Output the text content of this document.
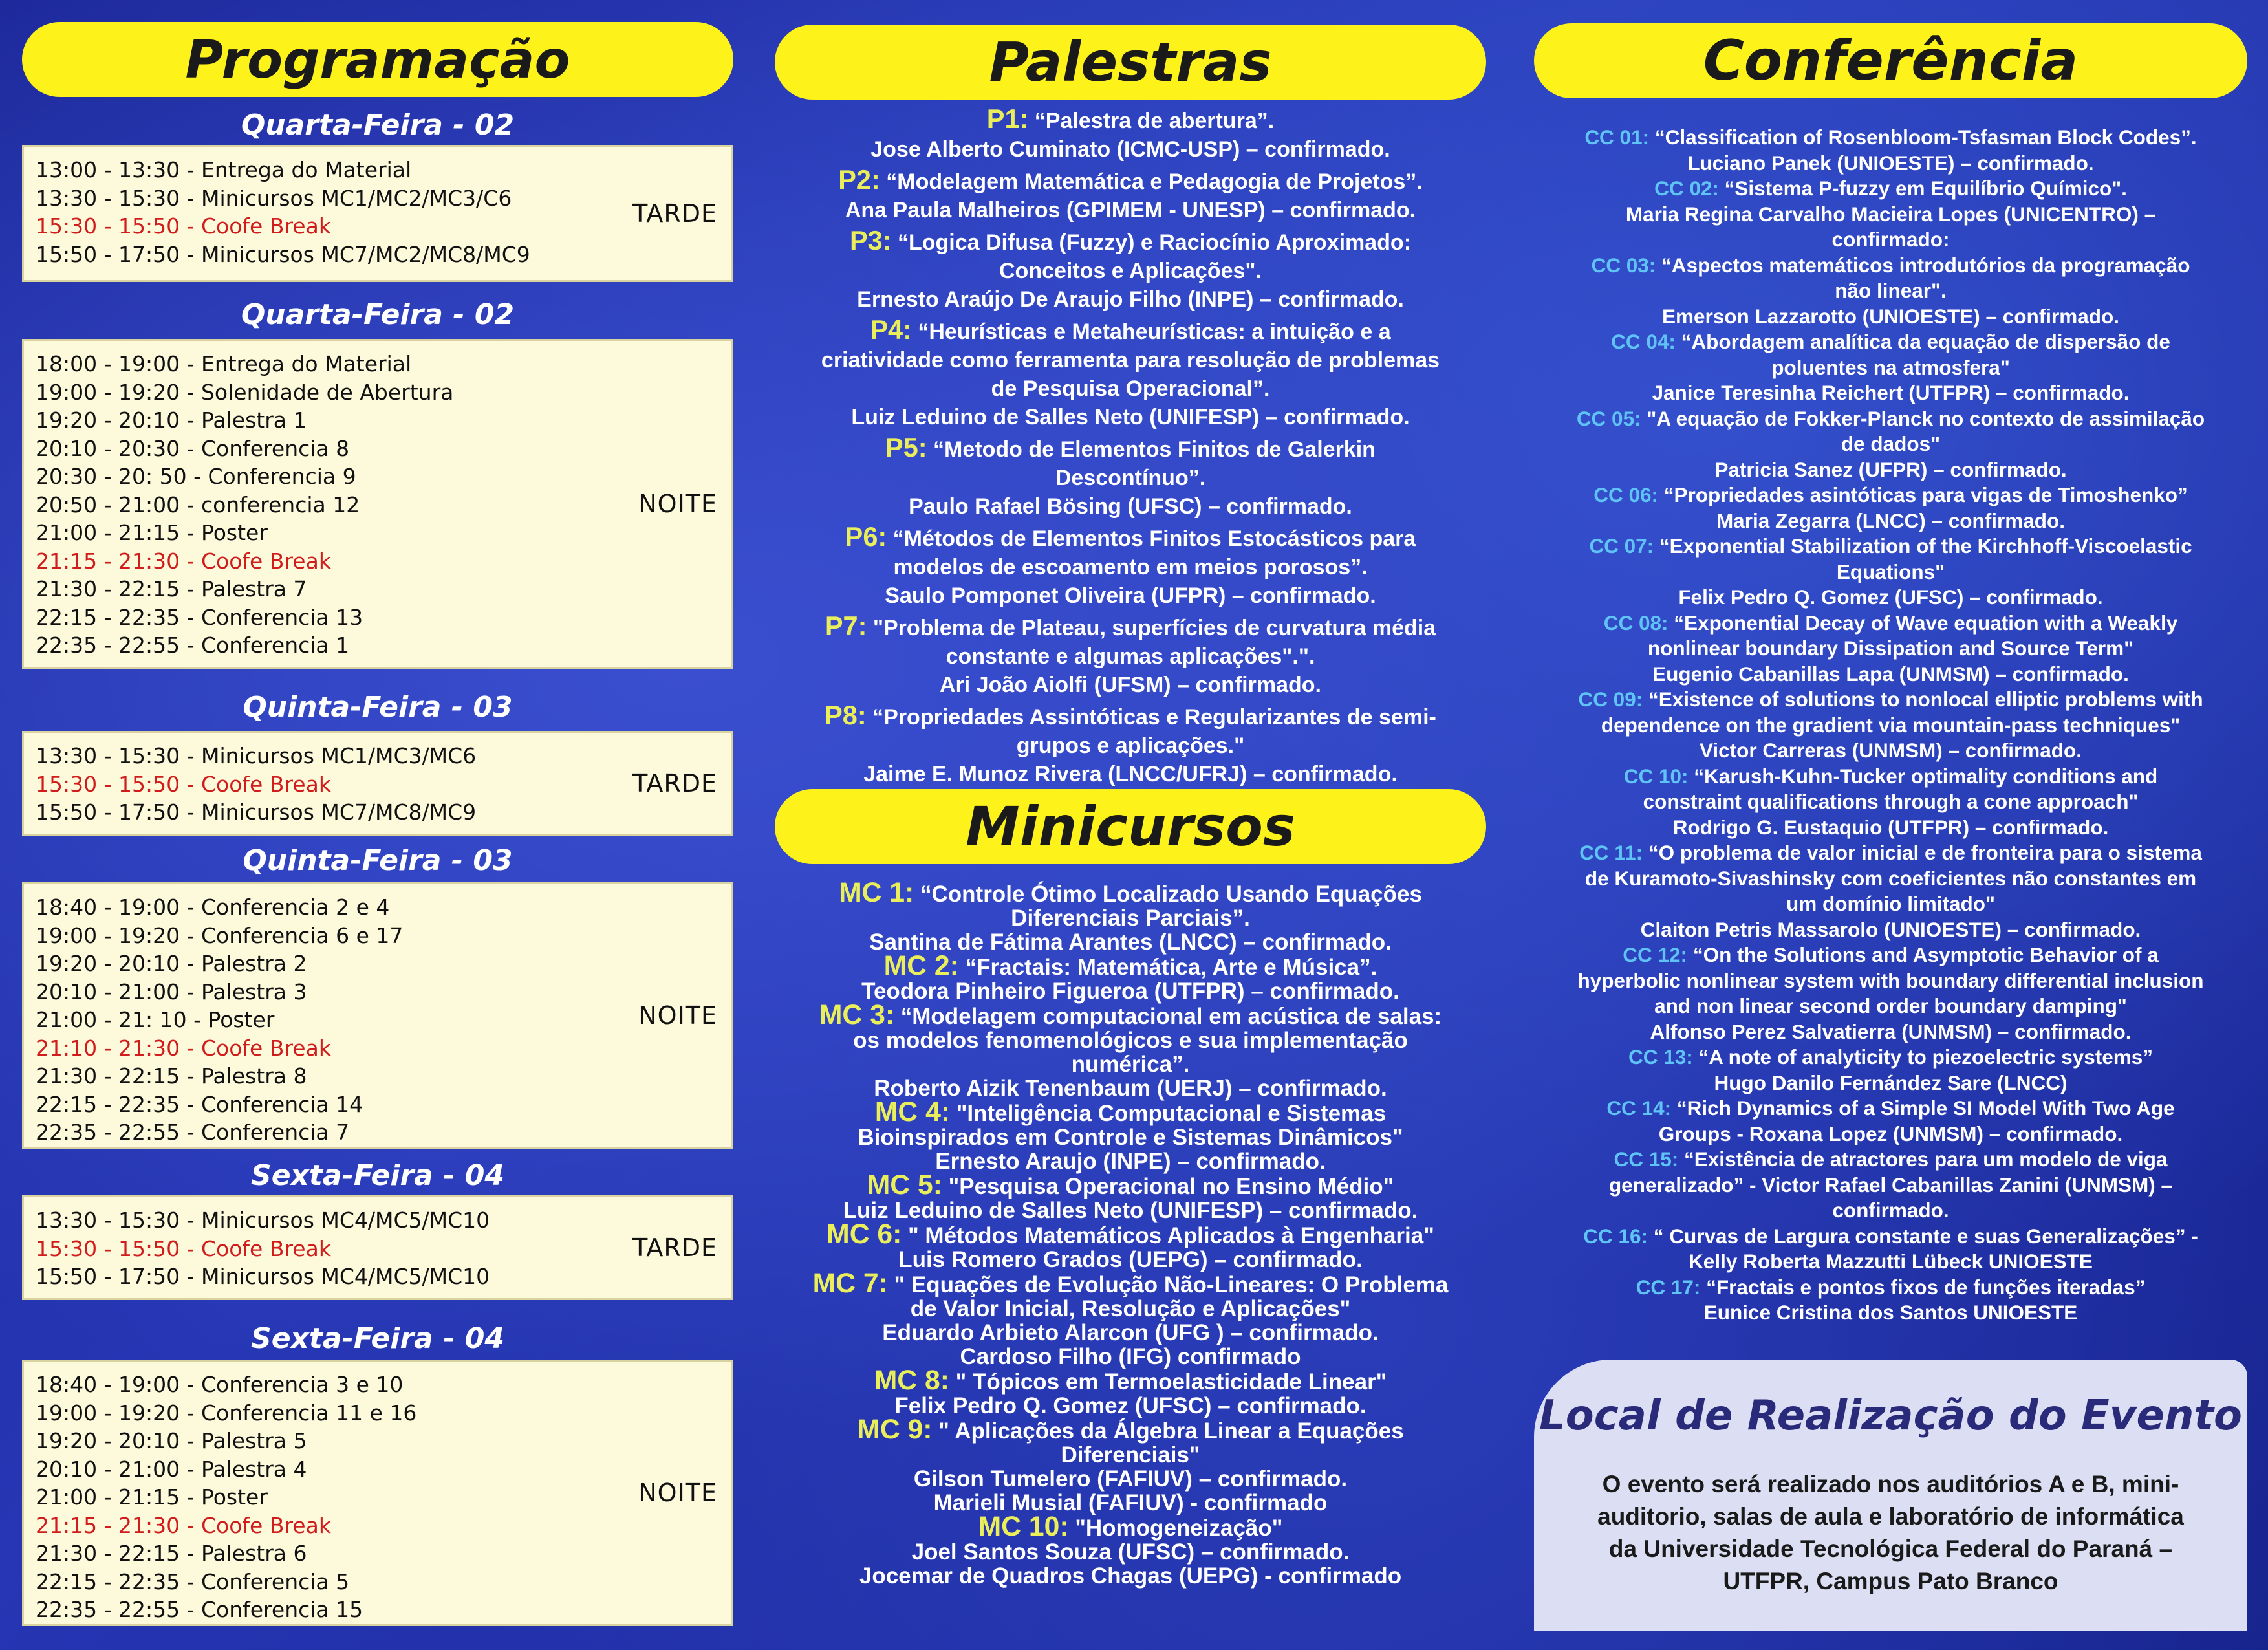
Programação
Quarta-Feira - 02
13:00 - 13:30 - Entrega do Material
13:30 - 15:30 - Minicursos MC1/MC2/MC3/C6
15:30 - 15:50 - Coofe Break
15:50 - 17:50 - Minicursos MC7/MC2/MC8/MC9
TARDE
Quarta-Feira - 02
18:00 - 19:00 - Entrega do Material
19:00 - 19:20 - Solenidade de Abertura
19:20 - 20:10 - Palestra 1
20:10 - 20:30 - Conferencia 8
20:30 - 20: 50 - Conferencia 9
20:50 - 21:00 - conferencia 12
21:00 - 21:15 - Poster
21:15 - 21:30 - Coofe Break
21:30 - 22:15 - Palestra 7
22:15 - 22:35 - Conferencia 13
22:35 - 22:55 - Conferencia 1
NOITE
Quinta-Feira - 03
13:30 - 15:30 - Minicursos MC1/MC3/MC6
15:30 - 15:50 - Coofe Break
15:50 - 17:50 - Minicursos MC7/MC8/MC9
TARDE
Quinta-Feira - 03
18:40 - 19:00 - Conferencia 2 e 4
19:00 - 19:20 - Conferencia 6 e 17
19:20 - 20:10 - Palestra 2
20:10 - 21:00 - Palestra 3
21:00 - 21: 10 - Poster
21:10 - 21:30 - Coofe Break
21:30 - 22:15 - Palestra 8
22:15 - 22:35 - Conferencia 14
22:35 - 22:55 - Conferencia 7
NOITE
Sexta-Feira - 04
13:30 - 15:30 - Minicursos MC4/MC5/MC10
15:30 - 15:50 - Coofe Break
15:50 - 17:50 - Minicursos MC4/MC5/MC10
TARDE
Sexta-Feira - 04
18:40 - 19:00 - Conferencia 3 e 10
19:00 - 19:20 - Conferencia 11 e 16
19:20 - 20:10 - Palestra 5
20:10 - 21:00 - Palestra 4
21:00 - 21:15 - Poster
21:15 - 21:30 - Coofe Break
21:30 - 22:15 - Palestra 6
22:15 - 22:35 - Conferencia 5
22:35 - 22:55 - Conferencia 15
NOITE
Palestras
P1: “Palestra de abertura”.
Jose Alberto Cuminato (ICMC-USP) – confirmado.
P2: “Modelagem Matemática e Pedagogia de Projetos”.
Ana Paula Malheiros (GPIMEM - UNESP) – confirmado.
P3: “Logica Difusa (Fuzzy) e Raciocínio Aproximado:
Conceitos e Aplicações".
Ernesto Araújo De Araujo Filho (INPE) – confirmado.
P4: “Heurísticas e Metaheurísticas: a intuição e a
criatividade como ferramenta para resolução de problemas
de Pesquisa Operacional”.
Luiz Leduino de Salles Neto (UNIFESP) – confirmado.
P5: “Metodo de Elementos Finitos de Galerkin
Descontínuo”.
Paulo Rafael Bösing (UFSC) – confirmado.
P6: “Métodos de Elementos Finitos Estocásticos para
modelos de escoamento em meios porosos”.
Saulo Pomponet Oliveira (UFPR) – confirmado.
P7: "Problema de Plateau, superfícies de curvatura média
constante e algumas aplicações".".
Ari João Aiolfi (UFSM) – confirmado.
P8: “Propriedades Assintóticas e Regularizantes de semi-
grupos e aplicações."
Jaime E. Munoz Rivera (LNCC/UFRJ) – confirmado.
Minicursos
MC 1: “Controle Ótimo Localizado Usando Equações
Diferenciais Parciais”.
Santina de Fátima Arantes (LNCC) – confirmado.
MC 2: “Fractais: Matemática, Arte e Música”.
Teodora Pinheiro Figueroa (UTFPR) – confirmado.
MC 3: “Modelagem computacional em acústica de salas:
os modelos fenomenológicos e sua implementação
numérica”.
Roberto Aizik Tenenbaum (UERJ) – confirmado.
MC 4: "Inteligência Computacional e Sistemas
Bioinspirados em Controle e Sistemas Dinâmicos"
Ernesto Araujo (INPE) – confirmado.
MC 5: "Pesquisa Operacional no Ensino Médio"
Luiz Leduino de Salles Neto (UNIFESP) – confirmado.
MC 6: " Métodos Matemáticos Aplicados à Engenharia"
Luis Romero Grados (UEPG) – confirmado.
MC 7: " Equações de Evolução Não-Lineares: O Problema
de Valor Inicial, Resolução e Aplicações"
Eduardo Arbieto Alarcon (UFG ) – confirmado.
Cardoso Filho (IFG) confirmado
MC 8: " Tópicos em Termoelasticidade Linear"
Felix Pedro Q. Gomez (UFSC) – confirmado.
MC 9: " Aplicações da Álgebra Linear a Equações
Diferenciais"
Gilson Tumelero (FAFIUV) – confirmado.
Marieli Musial (FAFIUV) - confirmado
MC 10: "Homogeneização"
Joel Santos Souza (UFSC) – confirmado.
Jocemar de Quadros Chagas (UEPG) - confirmado
Conferência
CC 01: “Classification of Rosenbloom-Tsfasman Block Codes”.
Luciano Panek (UNIOESTE) – confirmado.
CC 02: “Sistema P-fuzzy em Equilíbrio Químico".
Maria Regina Carvalho Macieira Lopes (UNICENTRO) –
confirmado:
CC 03: “Aspectos matemáticos introdutórios da programação
não linear".
Emerson Lazzarotto (UNIOESTE) – confirmado.
CC 04: “Abordagem analítica da equação de dispersão de
poluentes na atmosfera"
Janice Teresinha Reichert (UTFPR) – confirmado.
CC 05: "A equação de Fokker-Planck no contexto de assimilação
de dados"
Patricia Sanez (UFPR) – confirmado.
CC 06: “Propriedades asintóticas para vigas de Timoshenko”
Maria Zegarra (LNCC) – confirmado.
CC 07: “Exponential Stabilization of the Kirchhoff-Viscoelastic
Equations"
Felix Pedro Q. Gomez (UFSC) – confirmado.
CC 08: “Exponential Decay of Wave equation with a Weakly
nonlinear boundary Dissipation and Source Term"
Eugenio Cabanillas Lapa (UNMSM) – confirmado.
CC 09: “Existence of solutions to nonlocal elliptic problems with
dependence on the gradient via mountain-pass techniques"
Victor Carreras (UNMSM) – confirmado.
CC 10: “Karush-Kuhn-Tucker optimality conditions and
constraint qualifications through a cone approach"
Rodrigo G. Eustaquio (UTFPR) – confirmado.
CC 11: “O problema de valor inicial e de fronteira para o sistema
de Kuramoto-Sivashinsky com coeficientes não constantes em
um domínio limitado"
Claiton Petris Massarolo (UNIOESTE) – confirmado.
CC 12: “On the Solutions and Asymptotic Behavior of a
hyperbolic nonlinear system with boundary differential inclusion
and non linear second order boundary damping"
Alfonso Perez Salvatierra (UNMSM) – confirmado.
CC 13: “A note of analyticity to piezoelectric systems”
Hugo Danilo Fernández Sare (LNCC)
CC 14: “Rich Dynamics of a Simple SI Model With Two Age
Groups - Roxana Lopez (UNMSM) – confirmado.
CC 15: “Existência de atractores para um modelo de viga
generalizado” - Victor Rafael Cabanillas Zanini (UNMSM) –
confirmado.
CC 16: “ Curvas de Largura constante e suas Generalizações” -
Kelly Roberta Mazzutti Lübeck UNIOESTE
CC 17: “Fractais e pontos fixos de funções iteradas”
Eunice Cristina dos Santos UNIOESTE
Local de Realização do Evento
O evento será realizado nos auditórios A e B, mini-
auditorio, salas de aula e laboratório de informática
da Universidade Tecnológica Federal do Paraná –
UTFPR, Campus Pato Branco
